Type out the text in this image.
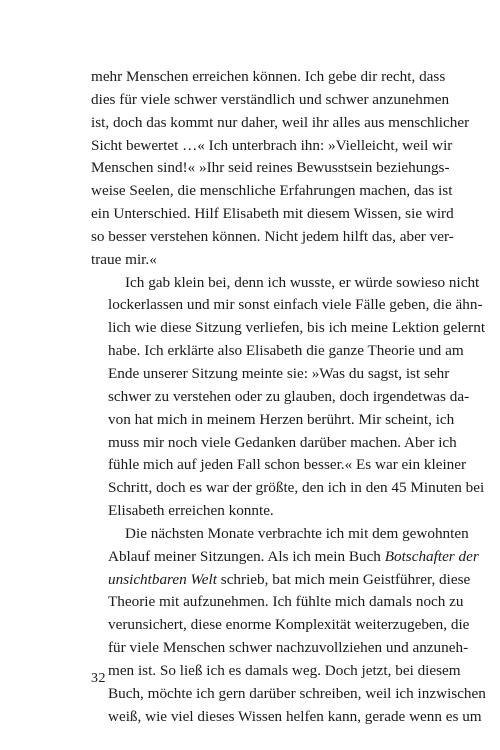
mehr Menschen erreichen können. Ich gebe dir recht, dass
dies für viele schwer verständlich und schwer anzunehmen
ist, doch das kommt nur daher, weil ihr alles aus menschlicher
Sicht bewertet …« Ich unterbrach ihn: »Vielleicht, weil wir
Menschen sind!« »Ihr seid reines Bewusstsein beziehungs-
weise Seelen, die menschliche Erfahrungen machen, das ist
ein Unterschied. Hilf Elisabeth mit diesem Wissen, sie wird
so besser verstehen können. Nicht jedem hilft das, aber ver-
traue mir.«

Ich gab klein bei, denn ich wusste, er würde sowieso nicht
lockerlassen und mir sonst einfach viele Fälle geben, die ähn-
lich wie diese Sitzung verliefen, bis ich meine Lektion gelernt
habe. Ich erklärte also Elisabeth die ganze Theorie und am
Ende unserer Sitzung meinte sie: »Was du sagst, ist sehr
schwer zu verstehen oder zu glauben, doch irgendetwas da-
von hat mich in meinem Herzen berührt. Mir scheint, ich
muss mir noch viele Gedanken darüber machen. Aber ich
fühle mich auf jeden Fall schon besser.« Es war ein kleiner
Schritt, doch es war der größte, den ich in den 45 Minuten bei
Elisabeth erreichen konnte.

Die nächsten Monate verbrachte ich mit dem gewohnten
Ablauf meiner Sitzungen. Als ich mein Buch Botschafter der
unsichtbaren Welt schrieb, bat mich mein Geistführer, diese
Theorie mit aufzunehmen. Ich fühlte mich damals noch zu
verunsichert, diese enorme Komplexität weiterzugeben, die
für viele Menschen schwer nachzuvollziehen und anzuneh-
men ist. So ließ ich es damals weg. Doch jetzt, bei diesem
Buch, möchte ich gern darüber schreiben, weil ich inzwischen
weiß, wie viel dieses Wissen helfen kann, gerade wenn es um

32
